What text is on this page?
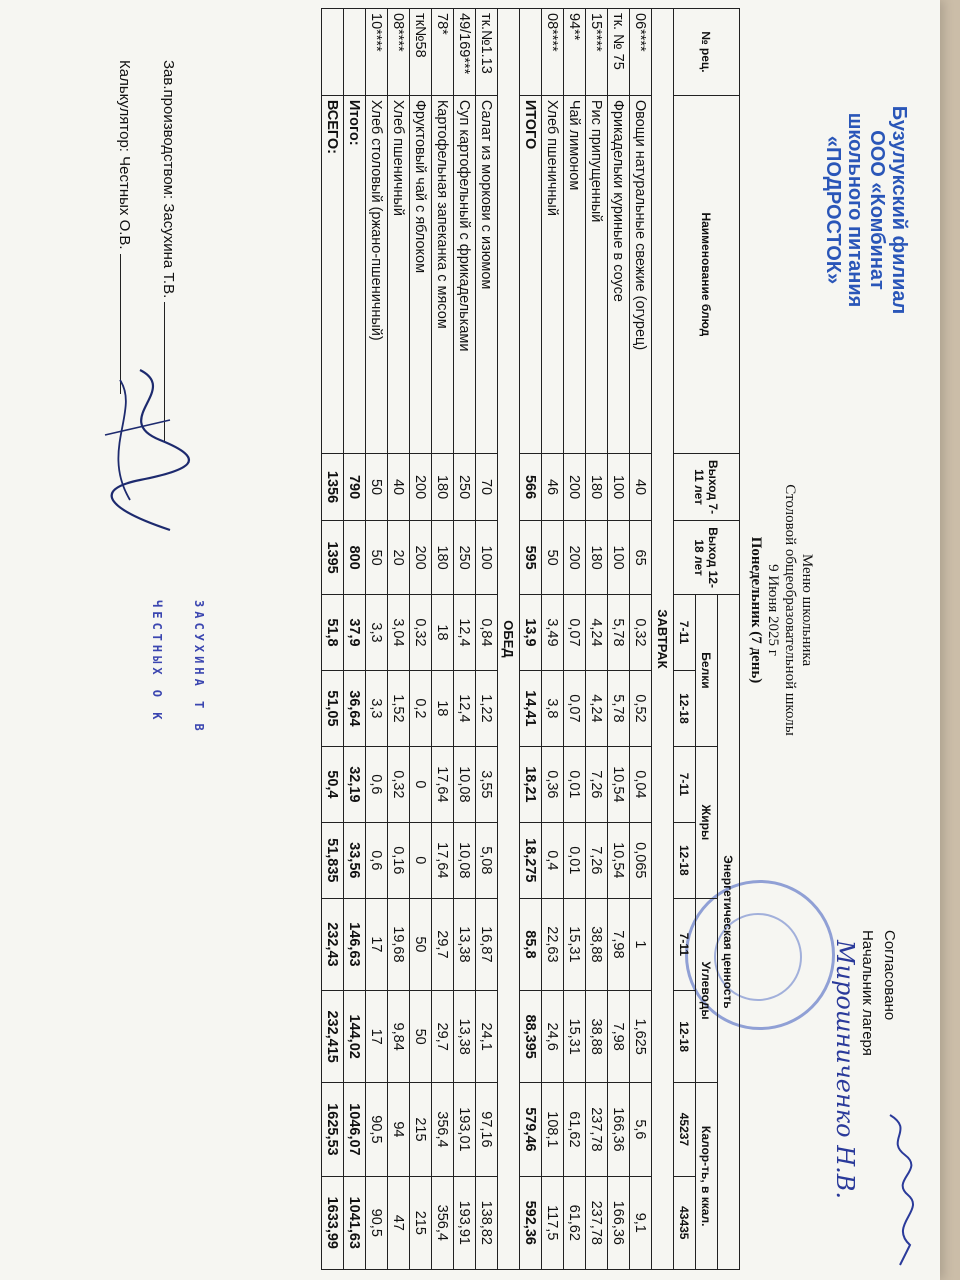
Бузулукский филиал
ООО «Комбинат
школьного питания
«ПОДРОСТОК»
Согласовано
Начальник лагеря Мирошниченко Н.В.
Меню школьника
Столовой общеобразовательной школы
9 Июня 2025 г
Понедельник (7 день)
№ рец.	Наименование блюд	Выход 7-11 лет	Выход 12-18 лет	Энергетическая ценность							
				Белки		Жиры		Углеводы		Калор-ть, в ккал.	
				7-11	12-18	7-11	12-18	7-11	12-18	45237	43435
ЗАВТРАК											
06****	Овощи натуральные свежие (огурец)	40	65	0,32	0,52	0,04	0,065	1	1,625	5,6	9,1
тк. № 75	Фрикадельки куриные в соусе	100	100	5,78	5,78	10,54	10,54	7,98	7,98	166,36	166,36
15****	Рис припущенный	180	180	4,24	4,24	7,26	7,26	38,88	38,88	237,78	237,78
94**	Чай лимоном	200	200	0,07	0,07	0,01	0,01	15,31	15,31	61,62	61,62
08****	Хлеб пшеничный	46	50	3,49	3,8	0,36	0,4	22,63	24,6	108,1	117,5
	ИТОГО	566	595	13,9	14,41	18,21	18,275	85,8	88,395	579,46	592,36
ОБЕД											
тк.№1.13	Салат из моркови с изюмом	70	100	0,84	1,22	3,55	5,08	16,87	24,1	97,16	138,82
49/169***	Суп картофельный с фрикадельками	250	250	12,4	12,4	10,08	10,08	13,38	13,38	193,01	193,91
78*	Картофельная запеканка с мясом	180	180	18	18	17,64	17,64	29,7	29,7	356,4	356,4
тк№58	Фруктовый чай с яблоком	200	200	0,32	0,2	0	0	50	50	215	215
08****	Хлеб пшеничный	40	20	3,04	1,52	0,32	0,16	19,68	9,84	94	47
10****	Хлеб столовый (ржано-пшеничный)	50	50	3,3	3,3	0,6	0,6	17	17	90,5	90,5
	Итого:	790	800	37,9	36,64	32,19	33,56	146,63	144,02	1046,07	1041,63
	ВСЕГО:	1356	1395	51,8	51,05	50,4	51,835	232,43	232,415	1625,53	1633,99
Зав.производством: Засухина Т.В.
Калькулятор: Честных О.В.
ЗАСУХИНА Т В
ЧЕСТНЫХ О К
